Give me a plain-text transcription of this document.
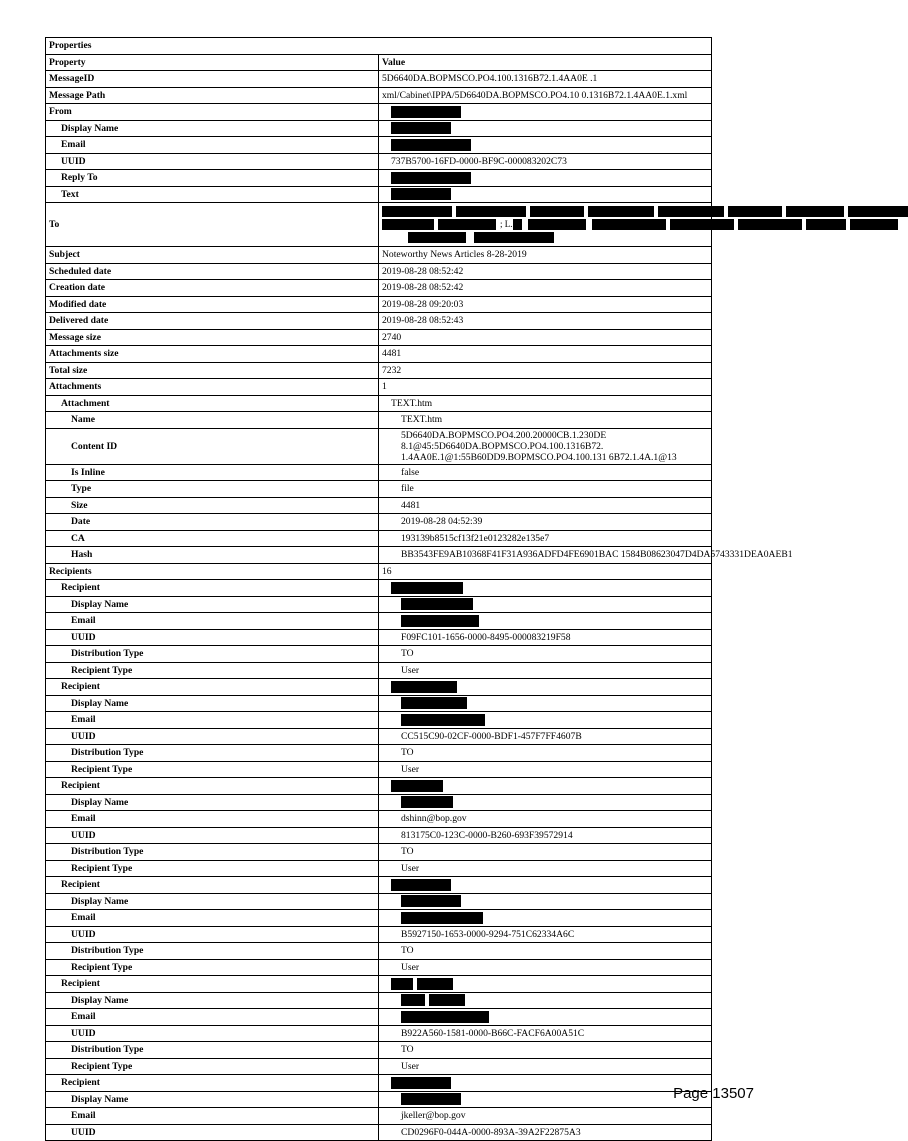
Properties	
Property	Value
MessageID	5D6640DA.BOPMSCO.PO4.100.1316B72.1.4AA0E .1
Message Path	xml/Cabinet\IPPA/5D6640DA.BOPMSCO.PO4.10 0.1316B72.1.4AA0E.1.xml
From	
Display Name	
Email	
UUID	737B5700-16FD-0000-BF9C-000083202C73
Reply To	
Text	
To	; L.

Subject	Noteworthy News Articles 8-28-2019
Scheduled date	2019-08-28 08:52:42
Creation date	2019-08-28 08:52:42
Modified date	2019-08-28 09:20:03
Delivered date	2019-08-28 08:52:43
Message size	2740
Attachments size	4481
Total size	7232
Attachments	1
Attachment	TEXT.htm
Name	TEXT.htm
Content ID	5D6640DA.BOPMSCO.PO4.200.20000CB.1.230DE 8.1@45:5D6640DA.BOPMSCO.PO4.100.1316B72. 1.4AA0E.1@1:55B60DD9.BOPMSCO.PO4.100.131 6B72.1.4A.1@13
Is Inline	false
Type	file
Size	4481
Date	2019-08-28 04:52:39
CA	193139b8515cf13f21e0123282e135e7
Hash	BB3543FE9AB10368F41F31A936ADFD4FE6901BAC 1584B08623047D4DA5743331DEA0AEB1
Recipients	16
Recipient	
Display Name	
Email	
UUID	F09FC101-1656-0000-8495-000083219F58
Distribution Type	TO
Recipient Type	User
Recipient	
Display Name	
Email	
UUID	CC515C90-02CF-0000-BDF1-457F7FF4607B
Distribution Type	TO
Recipient Type	User
Recipient	
Display Name	
Email	dshinn@bop.gov
UUID	813175C0-123C-0000-B260-693F39572914
Distribution Type	TO
Recipient Type	User
Recipient	
Display Name	
Email	
UUID	B5927150-1653-0000-9294-751C62334A6C
Distribution Type	TO
Recipient Type	User
Recipient	
Display Name	
Email	
UUID	B922A560-1581-0000-B66C-FACF6A00A51C
Distribution Type	TO
Recipient Type	User
Recipient	
Display Name	
Email	jkeller@bop.gov
UUID	CD0296F0-044A-0000-893A-39A2F22875A3
Page 13507
